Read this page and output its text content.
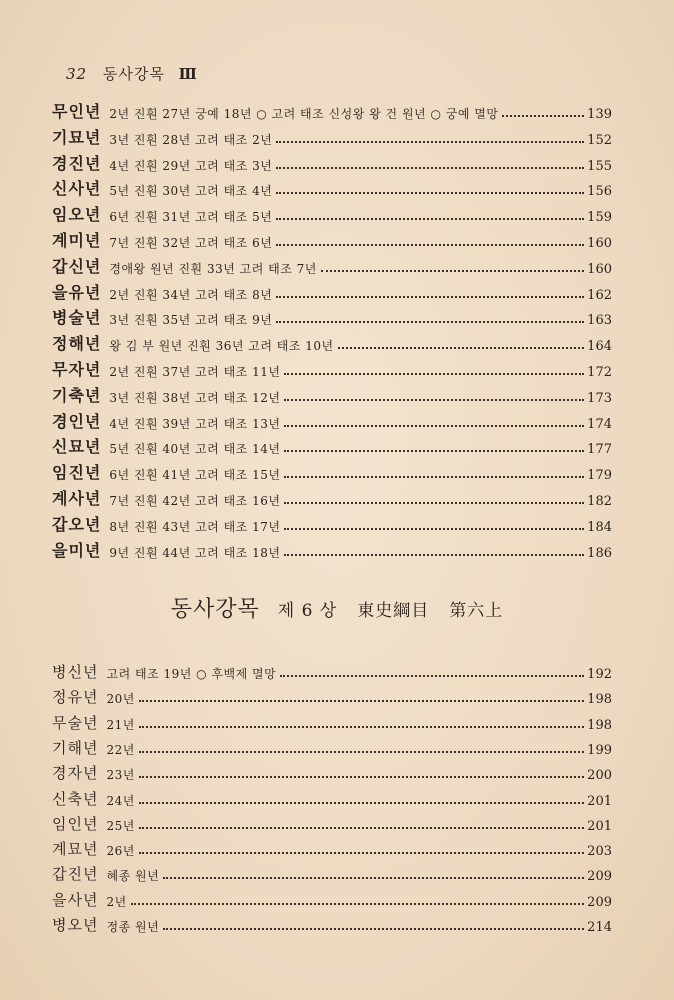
32 동사강목 Ⅲ
무인년 2년 진훤 27년 궁예 18년 ○ 고려 태조 신성왕 왕 건 원년 ○ 궁예 멸망	139
기묘년 3년 진훤 28년 고려 태조 2년	152
경진년 4년 진훤 29년 고려 태조 3년	155
신사년 5년 진훤 30년 고려 태조 4년	156
임오년 6년 진훤 31년 고려 태조 5년	159
계미년 7년 진훤 32년 고려 태조 6년	160
갑신년 경애왕 원년 진훤 33년 고려 태조 7년	160
을유년 2년 진훤 34년 고려 태조 8년	162
병술년 3년 진훤 35년 고려 태조 9년	163
정해년 왕 김 부 원년 진훤 36년 고려 태조 10년	164
무자년 2년 진훤 37년 고려 태조 11년	172
기축년 3년 진훤 38년 고려 태조 12년	173
경인년 4년 진훤 39년 고려 태조 13년	174
신묘년 5년 진훤 40년 고려 태조 14년	177
임진년 6년 진훤 41년 고려 태조 15년	179
계사년 7년 진훤 42년 고려 태조 16년	182
갑오년 8년 진훤 43년 고려 태조 17년	184
을미년 9년 진훤 44년 고려 태조 18년	186
동사강목 제 6 상 東史綱目 第六上
병신년 고려 태조 19년 ○ 후백제 멸망	192
정유년 20년	198
무술년 21년	198
기해년 22년	199
경자년 23년	200
신축년 24년	201
임인년 25년	201
계묘년 26년	203
갑진년 혜종 원년	209
을사년 2년	209
병오년 정종 원년	214
